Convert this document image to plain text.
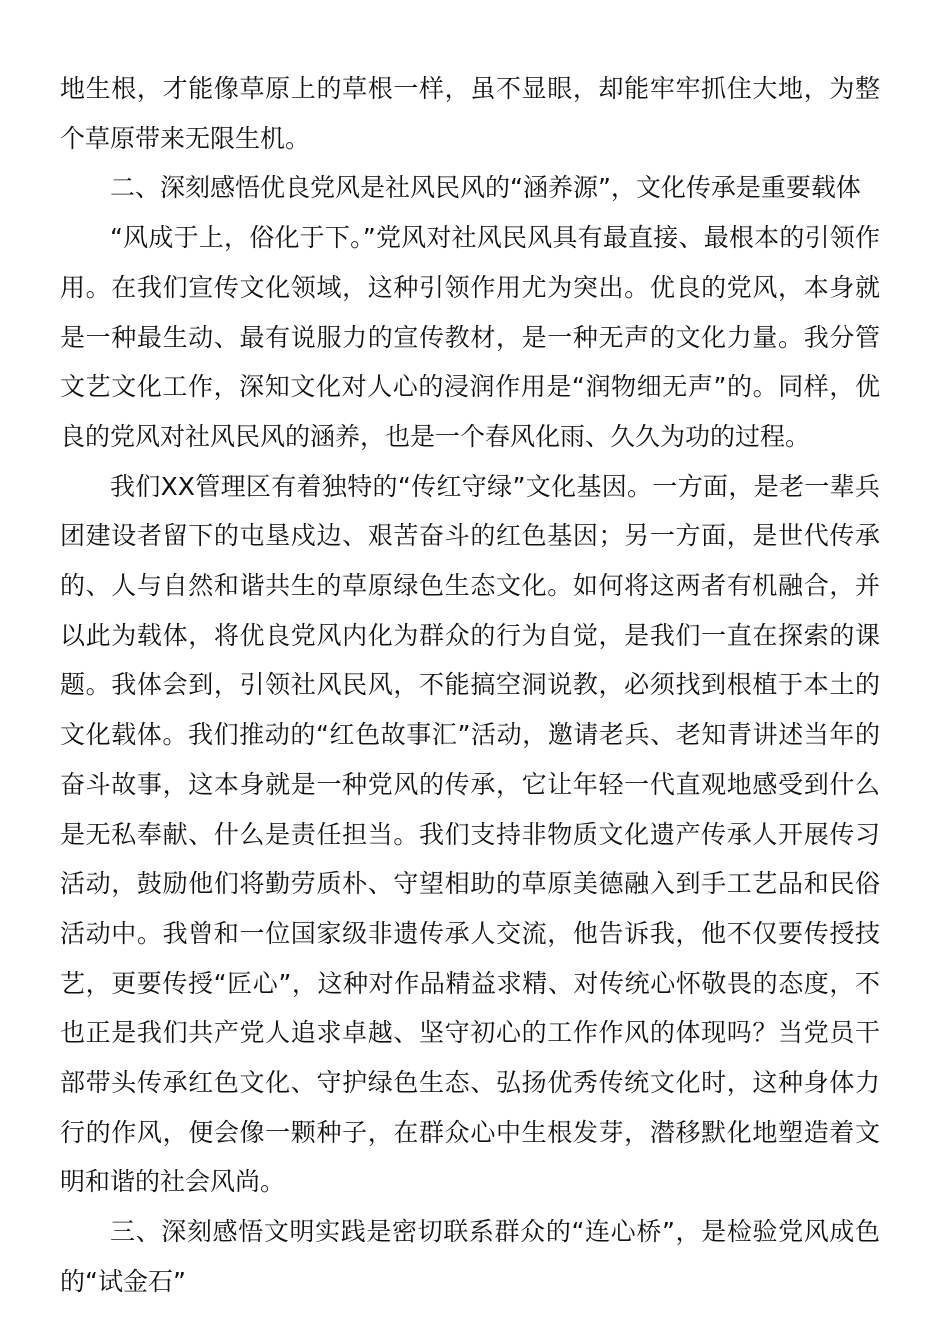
地生根，才能像草原上的草根一样，虽不显眼，却能牢牢抓住大地，为整个草原带来无限生机。

二、深刻感悟优良党风是社风民风的“涵养源”，文化传承是重要载体

“风成于上，俗化于下。”党风对社风民风具有最直接、最根本的引领作用。在我们宣传文化领域，这种引领作用尤为突出。优良的党风，本身就是一种最生动、最有说服力的宣传教材，是一种无声的文化力量。我分管文艺文化工作，深知文化对人心的浸润作用是“润物细无声”的。同样，优良的党风对社风民风的涵养，也是一个春风化雨、久久为功的过程。

我们XX管理区有着独特的“传红守绿”文化基因。一方面，是老一辈兵团建设者留下的屯垦戍边、艰苦奋斗的红色基因；另一方面，是世代传承的、人与自然和谐共生的草原绿色生态文化。如何将这两者有机融合，并以此为载体，将优良党风内化为群众的行为自觉，是我们一直在探索的课题。我体会到，引领社风民风，不能搞空洞说教，必须找到根植于本土的文化载体。我们推动的“红色故事汇”活动，邀请老兵、老知青讲述当年的奋斗故事，这本身就是一种党风的传承，它让年轻一代直观地感受到什么是无私奉献、什么是责任担当。我们支持非物质文化遗产传承人开展传习活动，鼓励他们将勤劳质朴、守望相助的草原美德融入到手工艺品和民俗活动中。我曾和一位国家级非遗传承人交流，他告诉我，他不仅要传授技艺，更要传授“匠心”，这种对作品精益求精、对传统心怀敬畏的态度，不也正是我们共产党人追求卓越、坚守初心的工作作风的体现吗？当党员干部带头传承红色文化、守护绿色生态、弘扬优秀传统文化时，这种身体力行的作风，便会像一颗种子，在群众心中生根发芽，潜移默化地塑造着文明和谐的社会风尚。

三、深刻感悟文明实践是密切联系群众的“连心桥”，是检验党风成色的“试金石”
